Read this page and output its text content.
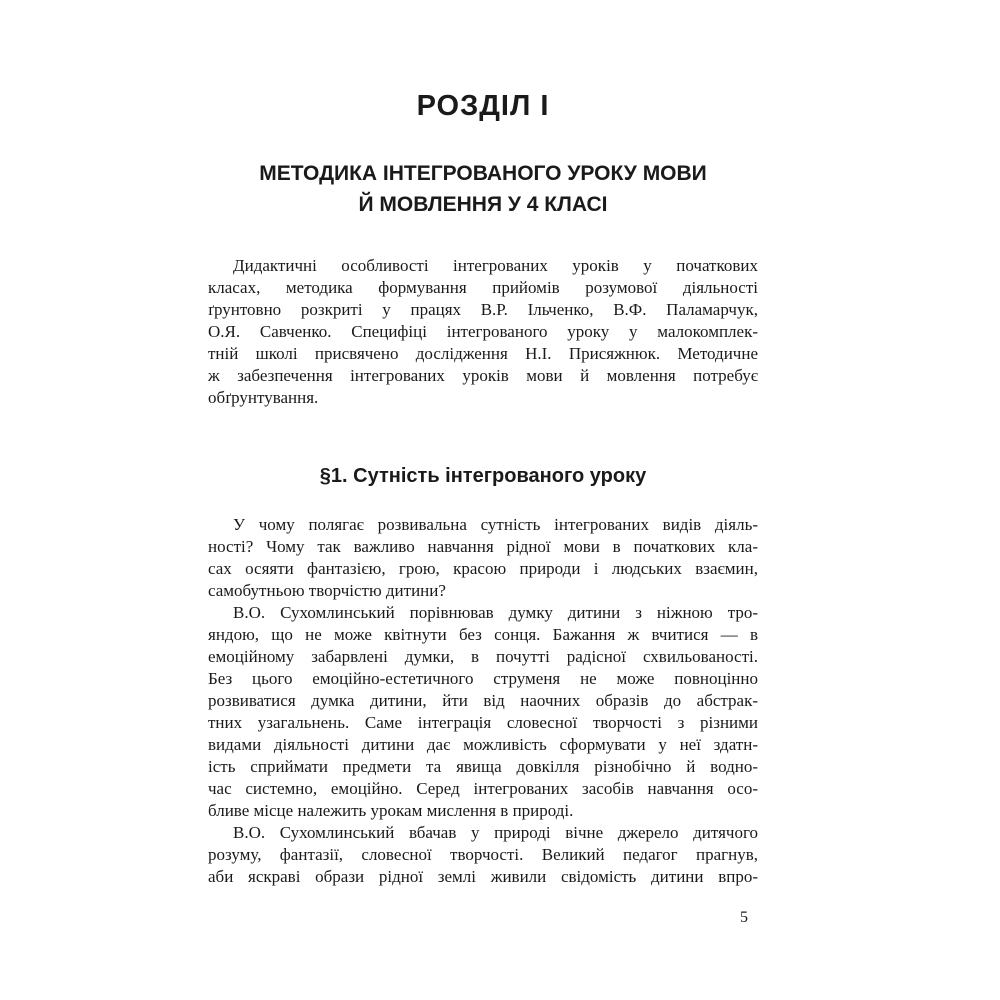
РОЗДІЛ І
МЕТОДИКА ІНТЕГРОВАНОГО УРОКУ МОВИ
Й МОВЛЕННЯ У 4 КЛАСІ
Дидактичні особливості інтегрованих уроків у початкових
класах, методика формування прийомів розумової діяльності
ґрунтовно розкриті у працях В.Р. Ільченко, В.Ф. Паламарчук,
О.Я. Савченко. Специфіці інтегрованого уроку у малокомплек-
тній школі присвячено дослідження Н.І. Присяжнюк. Методичне
ж забезпечення інтегрованих уроків мови й мовлення потребує
обґрунтування.
§1. Сутність інтегрованого уроку
У чому полягає розвивальна сутність інтегрованих видів діяль-
ності? Чому так важливо навчання рідної мови в початкових кла-
сах осяяти фантазією, грою, красою природи і людських взаємин,
самобутньою творчістю дитини?
В.О. Сухомлинський порівнював думку дитини з ніжною тро-
яндою, що не може квітнути без сонця. Бажання ж вчитися — в
емоційному забарвлені думки, в почутті радісної схвильованості.
Без цього емоційно-естетичного струменя не може повноцінно
розвиватися думка дитини, йти від наочних образів до абстрак-
тних узагальнень. Саме інтеграція словесної творчості з різними
видами діяльності дитини дає можливість сформувати у неї здатн-
ість сприймати предмети та явища довкілля різнобічно й водно-
час системно, емоційно. Серед інтегрованих засобів навчання осо-
бливе місце належить урокам мислення в природі.
В.О. Сухомлинський вбачав у природі вічне джерело дитячого
розуму, фантазії, словесної творчості. Великий педагог прагнув,
аби яскраві образи рідної землі живили свідомість дитини впро-
5
